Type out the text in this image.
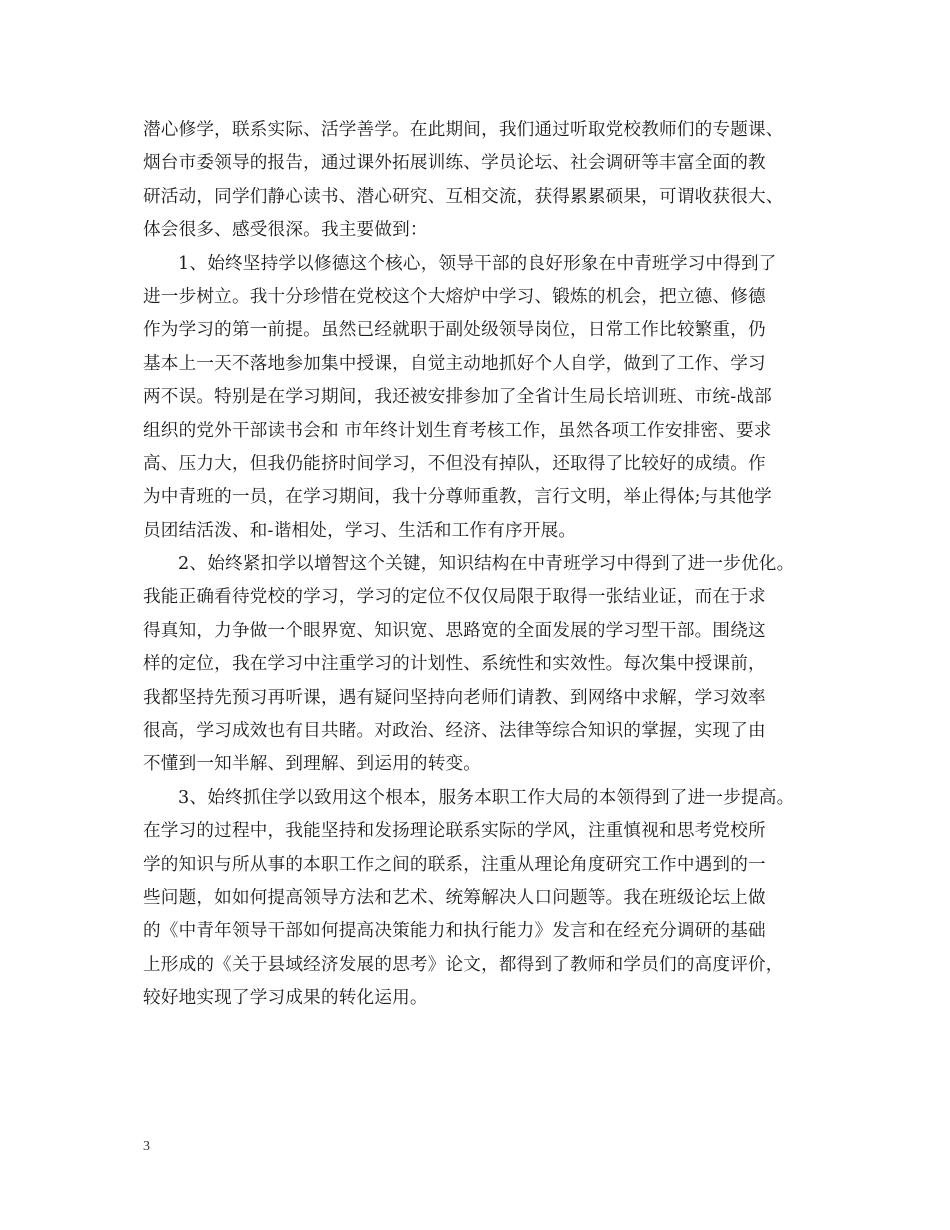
潜心修学，联系实际、活学善学。在此期间，我们通过听取党校教师们的专题课、
烟台市委领导的报告，通过课外拓展训练、学员论坛、社会调研等丰富全面的教
研活动，同学们静心读书、潜心研究、互相交流，获得累累硕果，可谓收获很大、
体会很多、感受很深。我主要做到：
1、始终坚持学以修德这个核心，领导干部的良好形象在中青班学习中得到了
进一步树立。我十分珍惜在党校这个大熔炉中学习、锻炼的机会，把立德、修德
作为学习的第一前提。虽然已经就职于副处级领导岗位，日常工作比较繁重，仍
基本上一天不落地参加集中授课，自觉主动地抓好个人自学，做到了工作、学习
两不误。特别是在学习期间，我还被安排参加了全省计生局长培训班、市统-战部
组织的党外干部读书会和 市年终计划生育考核工作，虽然各项工作安排密、要求
高、压力大，但我仍能挤时间学习，不但没有掉队，还取得了比较好的成绩。作
为中青班的一员，在学习期间，我十分尊师重教，言行文明，举止得体;与其他学
员团结活泼、和-谐相处，学习、生活和工作有序开展。
2、始终紧扣学以增智这个关键，知识结构在中青班学习中得到了进一步优化。
我能正确看待党校的学习，学习的定位不仅仅局限于取得一张结业证，而在于求
得真知，力争做一个眼界宽、知识宽、思路宽的全面发展的学习型干部。围绕这
样的定位，我在学习中注重学习的计划性、系统性和实效性。每次集中授课前，
我都坚持先预习再听课，遇有疑问坚持向老师们请教、到网络中求解，学习效率
很高，学习成效也有目共睹。对政治、经济、法律等综合知识的掌握，实现了由
不懂到一知半解、到理解、到运用的转变。
3、始终抓住学以致用这个根本，服务本职工作大局的本领得到了进一步提高。
在学习的过程中，我能坚持和发扬理论联系实际的学风，注重慎视和思考党校所
学的知识与所从事的本职工作之间的联系，注重从理论角度研究工作中遇到的一
些问题，如如何提高领导方法和艺术、统筹解决人口问题等。我在班级论坛上做
的《中青年领导干部如何提高决策能力和执行能力》发言和在经充分调研的基础
上形成的《关于县域经济发展的思考》论文，都得到了教师和学员们的高度评价，
较好地实现了学习成果的转化运用。
3
